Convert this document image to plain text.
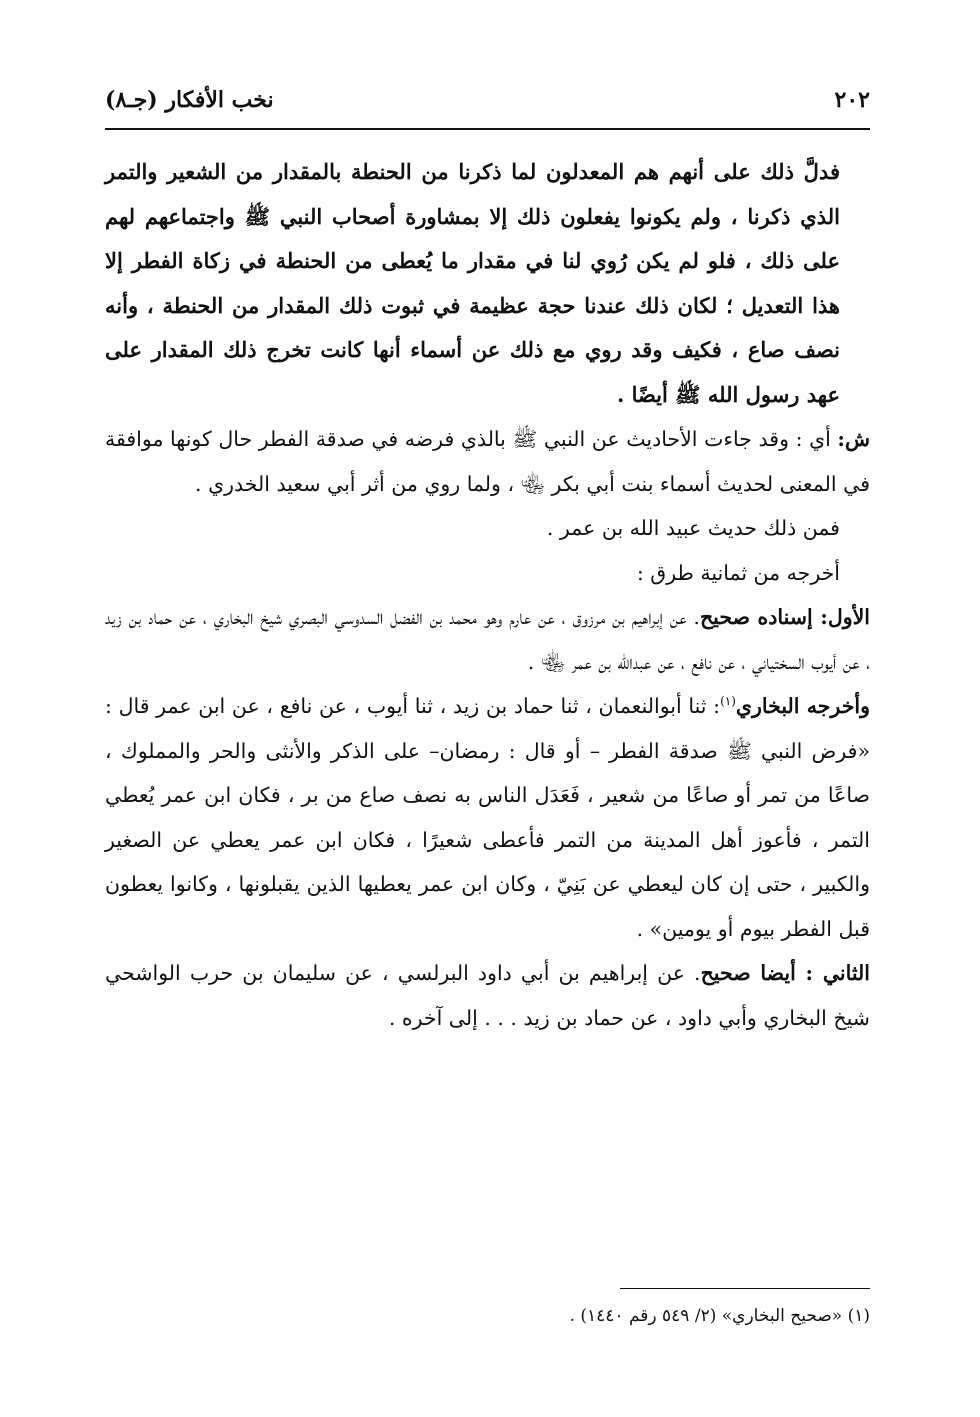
٢٠٢
نخب الأفكار (جـ٨)

فدلَّ ذلك على أنهم هم المعدلون لما ذكرنا من الحنطة بالمقدار من الشعير والتمر الذي ذكرنا ، ولم يكونوا يفعلون ذلك إلا بمشاورة أصحاب النبي ﷺ واجتماعهم لهم على ذلك ، فلو لم يكن رُوي لنا في مقدار ما يُعطى من الحنطة في زكاة الفطر إلا هذا التعديل ؛ لكان ذلك عندنا حجة عظيمة في ثبوت ذلك المقدار من الحنطة ، وأنه نصف صاع ، فكيف وقد روي مع ذلك عن أسماء أنها كانت تخرج ذلك المقدار على عهد رسول الله ﷺ أيضًا .

ش: أي : وقد جاءت الأحاديث عن النبي ﷺ بالذي فرضه في صدقة الفطر حال كونها موافقة في المعنى لحديث أسماء بنت أبي بكر ﵄ ، ولما روي من أثر أبي سعيد الخدري .

فمن ذلك حديث عبيد الله بن عمر .

أخرجه من ثمانية طرق :

الأول: إسناده صحيح. عن إبراهيم بن مرزوق ، عن عارم وهو محمد بن الفضل السدوسي البصري شيخ البخاري ، عن حماد بن زيد ، عن أيوب السختياني ، عن نافع ، عن عبدالله بن عمر ﵄ .

وأخرجه البخاري$^{(١)}$: ثنا أبوالنعمان ، ثنا حماد بن زيد ، ثنا أيوب ، عن نافع ، عن ابن عمر قال : «فرض النبي ﷺ صدقة الفطر – أو قال : رمضان– على الذكر والأنثى والحر والمملوك ، صاعًا من تمر أو صاعًا من شعير ، فَعَدَل الناس به نصف صاع من بر ، فكان ابن عمر يُعطي التمر ، فأعوز أهل المدينة من التمر فأعطى شعيرًا ، فكان ابن عمر يعطي عن الصغير والكبير ، حتى إن كان ليعطي عن بَنِيّ ، وكان ابن عمر يعطيها الذين يقبلونها ، وكانوا يعطون قبل الفطر بيوم أو يومين» .

الثاني : أيضا صحيح. عن إبراهيم بن أبي داود البرلسي ، عن سليمان بن حرب الواشحي شيخ البخاري وأبي داود ، عن حماد بن زيد . . . إلى آخره .

(١) «صحيح البخاري» (٢/ ٥٤٩ رقم ١٤٤٠) .
